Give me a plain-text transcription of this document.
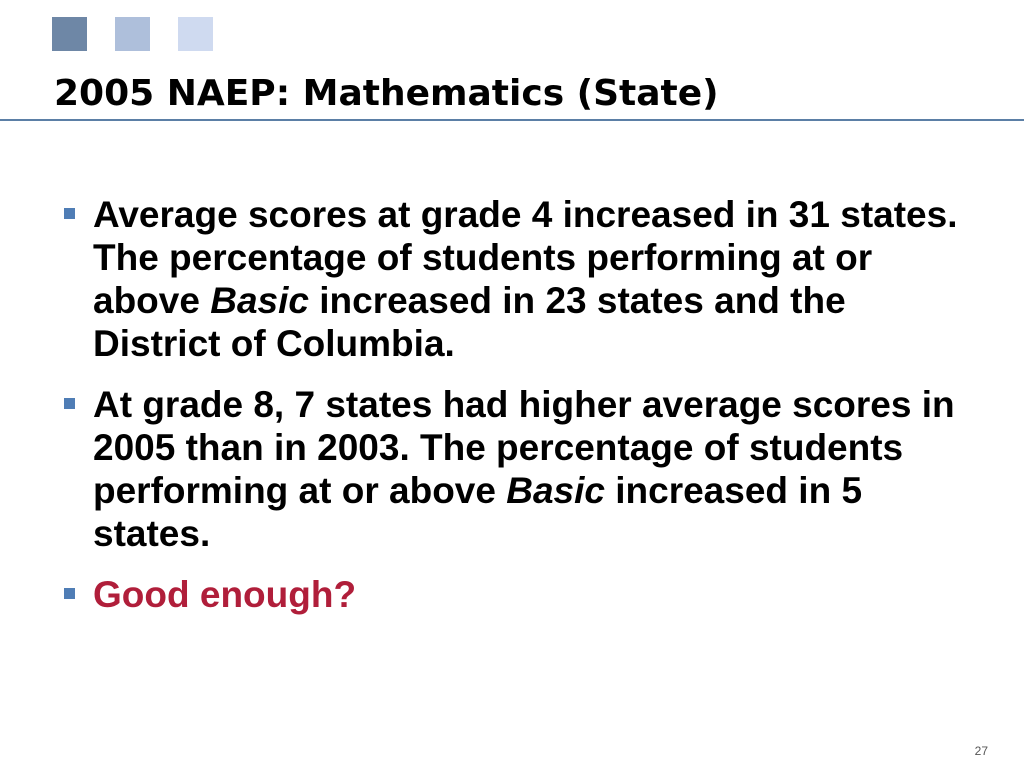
2005 NAEP: Mathematics (State)
Average scores at grade 4 increased in 31 states. The percentage of students performing at or above Basic increased in 23 states and the District of Columbia.
At grade 8, 7 states had higher average scores in 2005 than in 2003. The percentage of students performing at or above Basic increased in 5 states.
Good enough?
27
